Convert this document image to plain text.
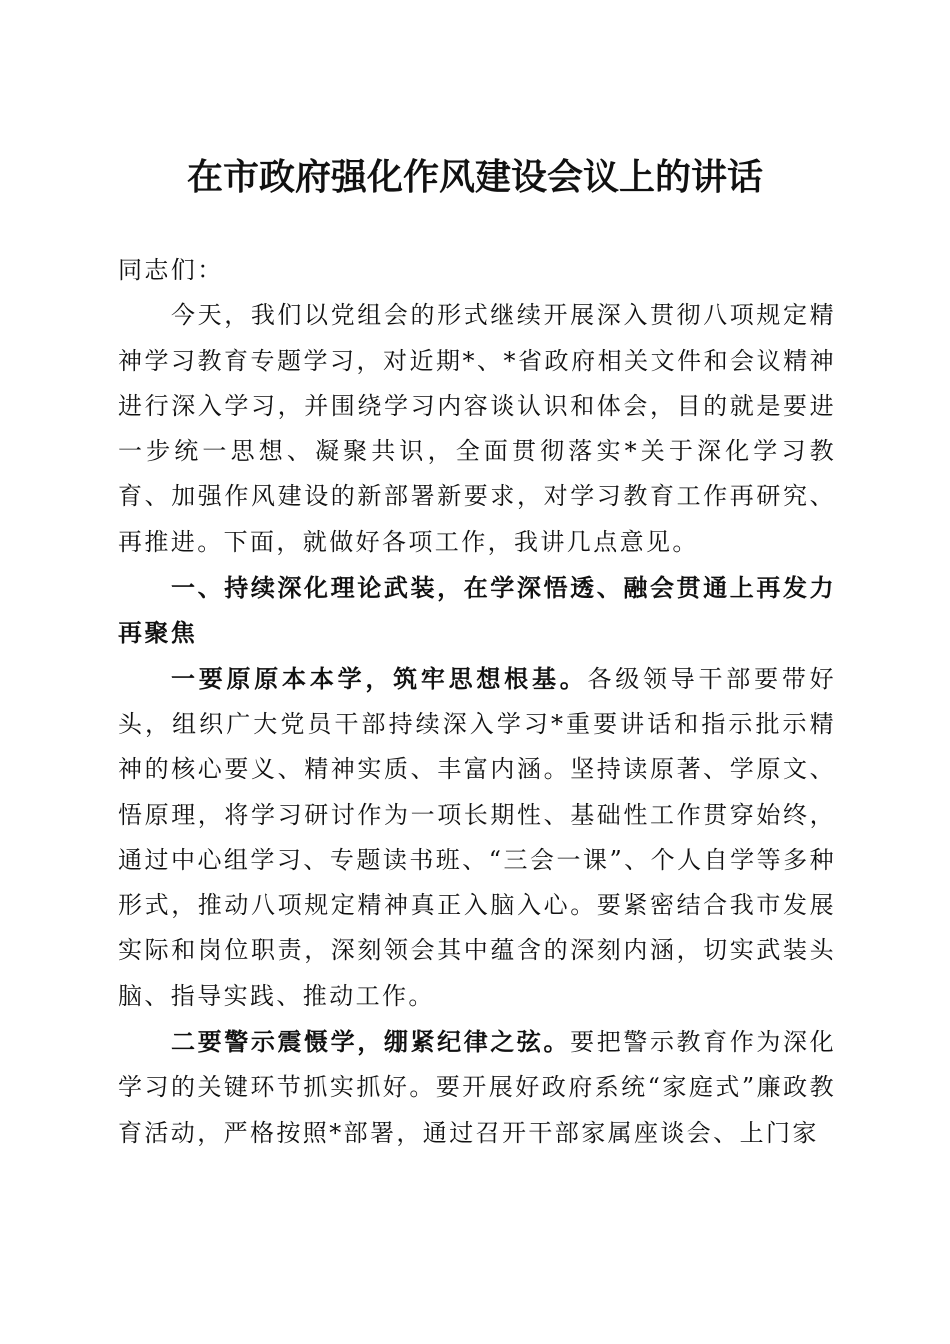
在市政府强化作风建设会议上的讲话

同志们：

今天，我们以党组会的形式继续开展深入贯彻八项规定精神学习教育专题学习，对近期*、*省政府相关文件和会议精神进行深入学习，并围绕学习内容谈认识和体会，目的就是要进一步统一思想、凝聚共识，全面贯彻落实*关于深化学习教育、加强作风建设的新部署新要求，对学习教育工作再研究、再推进。下面，就做好各项工作，我讲几点意见。

一、持续深化理论武装，在学深悟透、融会贯通上再发力再聚焦

一要原原本本学，筑牢思想根基。各级领导干部要带好头，组织广大党员干部持续深入学习*重要讲话和指示批示精神的核心要义、精神实质、丰富内涵。坚持读原著、学原文、悟原理，将学习研讨作为一项长期性、基础性工作贯穿始终，通过中心组学习、专题读书班、“三会一课”、个人自学等多种形式，推动八项规定精神真正入脑入心。要紧密结合我市发展实际和岗位职责，深刻领会其中蕴含的深刻内涵，切实武装头脑、指导实践、推动工作。

二要警示震慑学，绷紧纪律之弦。要把警示教育作为深化学习的关键环节抓实抓好。要开展好政府系统“家庭式”廉政教育活动，严格按照*部署，通过召开干部家属座谈会、上门家
